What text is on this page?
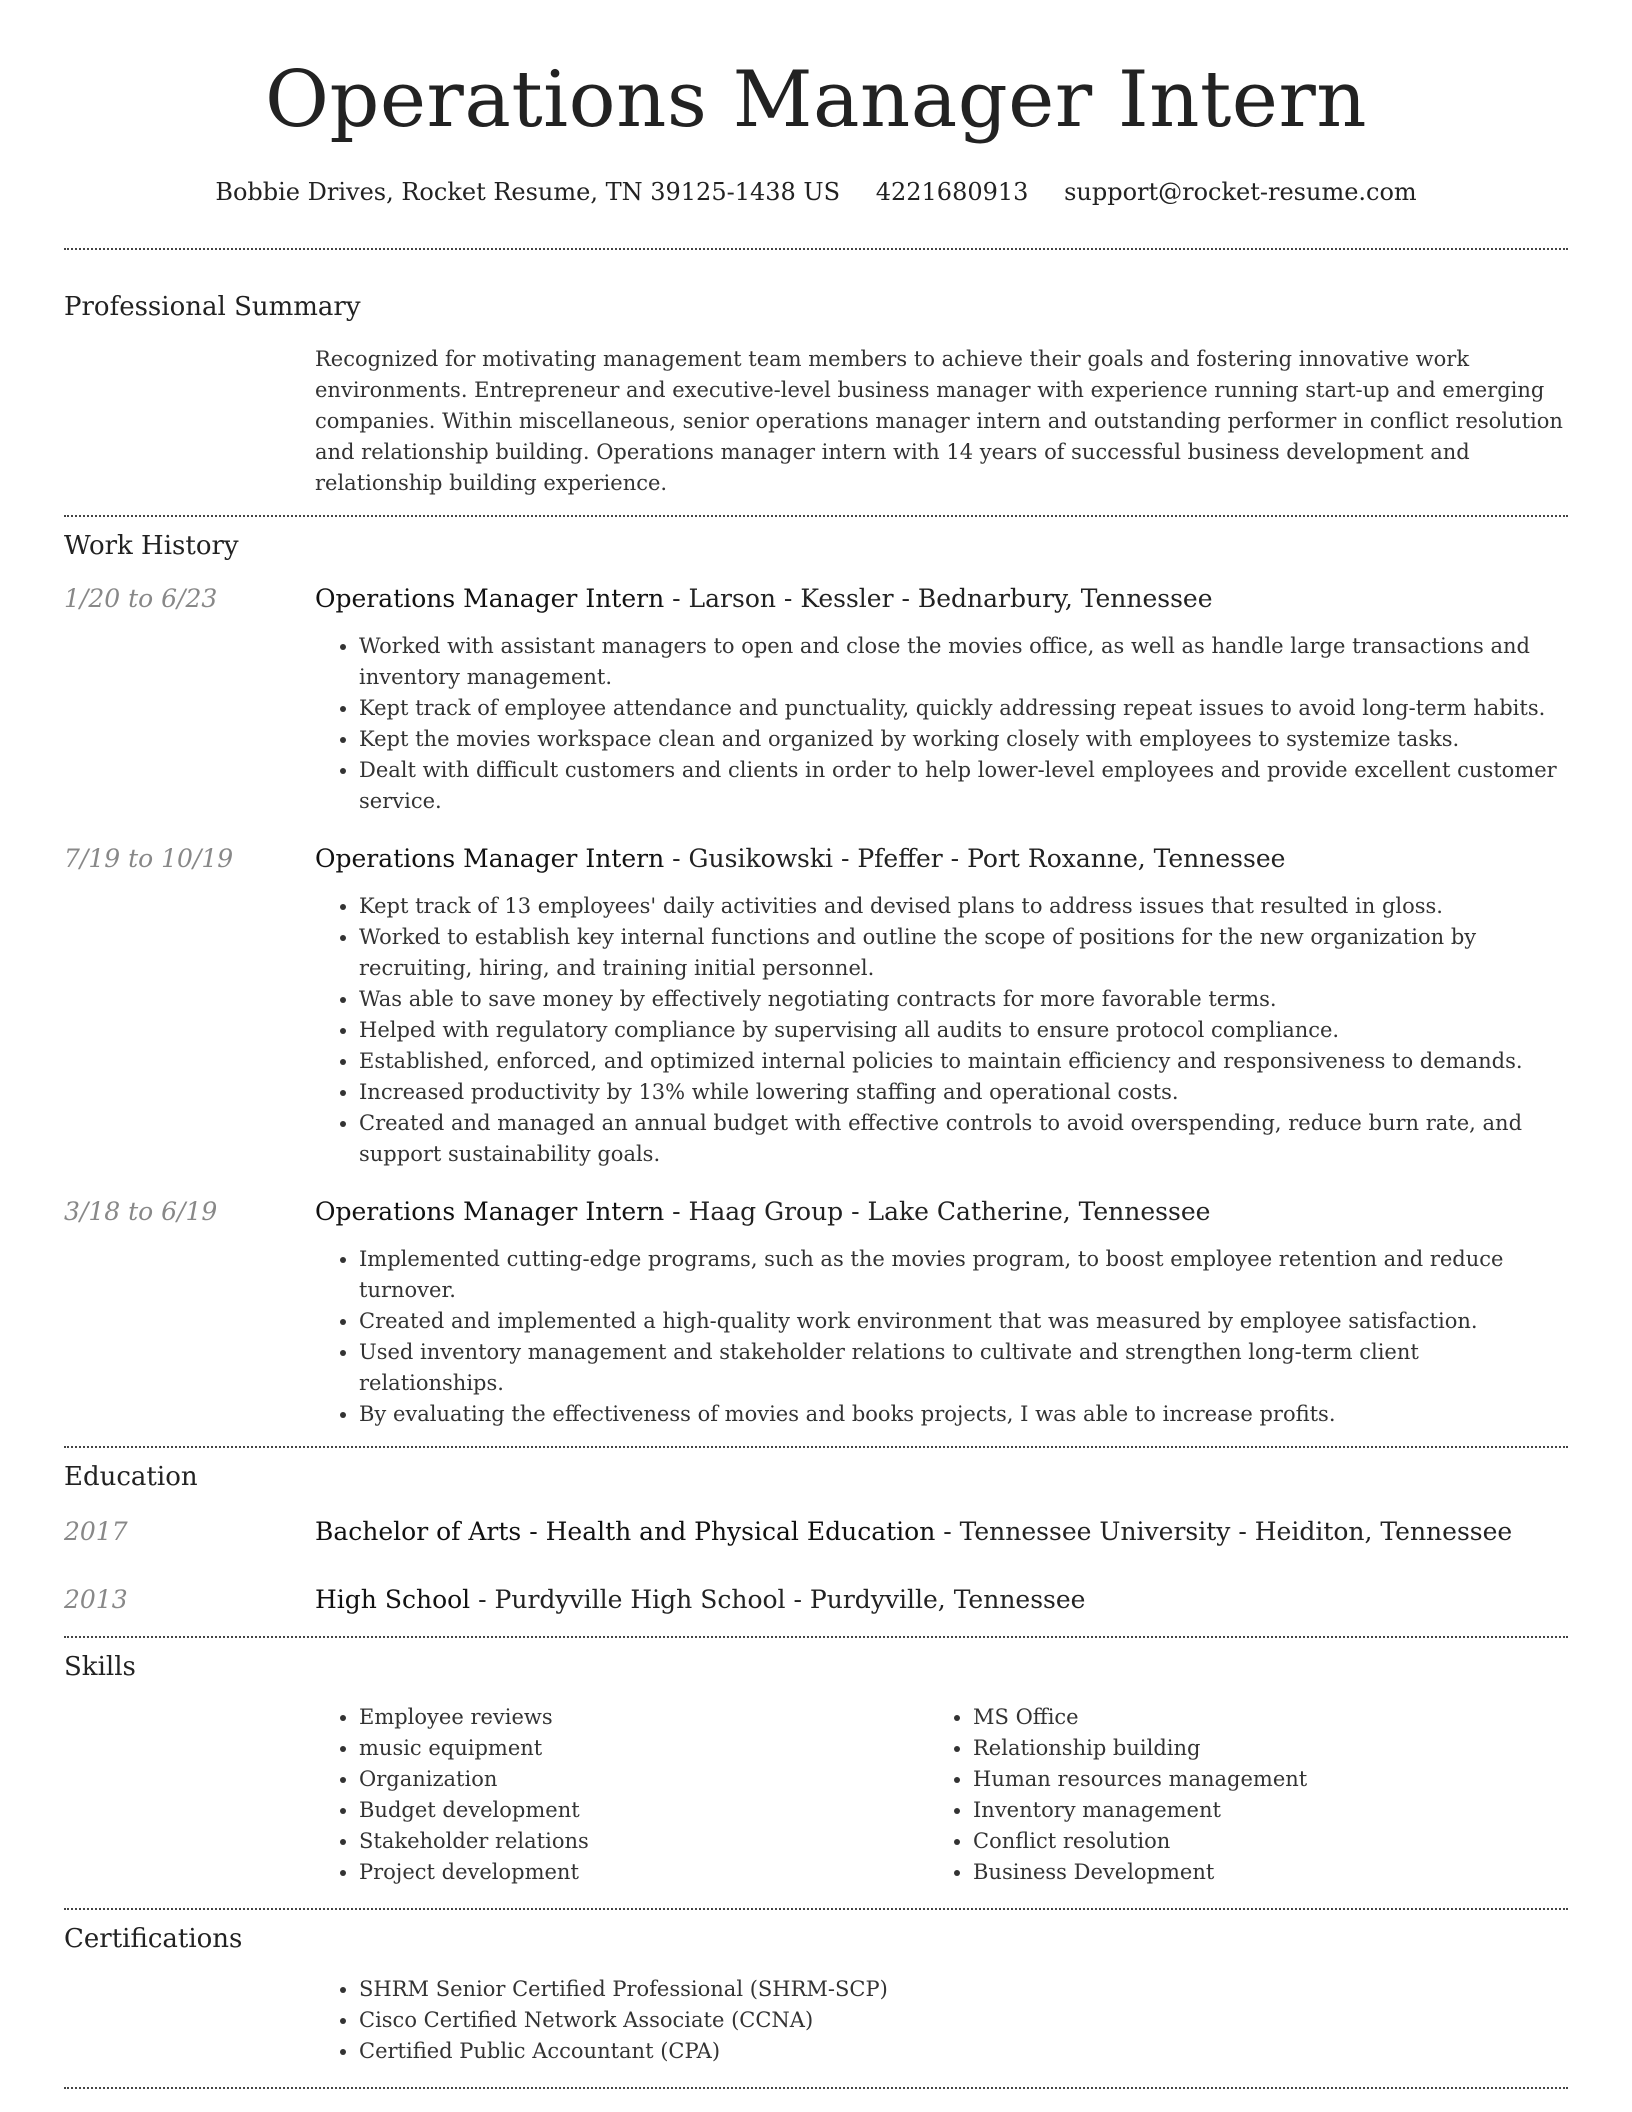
Operations Manager Intern
Bobbie Drives, Rocket Resume, TN 39125-1438 US 4221680913 support@rocket-resume.com
Professional Summary
Recognized for motivating management team members to achieve their goals and fostering innovative work environments. Entrepreneur and executive-level business manager with experience running start-up and emerging companies. Within miscellaneous, senior operations manager intern and outstanding performer in conflict resolution and relationship building. Operations manager intern with 14 years of successful business development and relationship building experience.
Work History
1/20 to 6/23	Operations Manager Intern - Larson - Kessler - Bednarbury, Tennessee
• Worked with assistant managers to open and close the movies office, as well as handle large transactions and inventory management.
• Kept track of employee attendance and punctuality, quickly addressing repeat issues to avoid long-term habits.
• Kept the movies workspace clean and organized by working closely with employees to systemize tasks.
• Dealt with difficult customers and clients in order to help lower-level employees and provide excellent customer service.
7/19 to 10/19	Operations Manager Intern - Gusikowski - Pfeffer - Port Roxanne, Tennessee
• Kept track of 13 employees' daily activities and devised plans to address issues that resulted in gloss.
• Worked to establish key internal functions and outline the scope of positions for the new organization by recruiting, hiring, and training initial personnel.
• Was able to save money by effectively negotiating contracts for more favorable terms.
• Helped with regulatory compliance by supervising all audits to ensure protocol compliance.
• Established, enforced, and optimized internal policies to maintain efficiency and responsiveness to demands.
• Increased productivity by 13% while lowering staffing and operational costs.
• Created and managed an annual budget with effective controls to avoid overspending, reduce burn rate, and support sustainability goals.
3/18 to 6/19	Operations Manager Intern - Haag Group - Lake Catherine, Tennessee
• Implemented cutting-edge programs, such as the movies program, to boost employee retention and reduce turnover.
• Created and implemented a high-quality work environment that was measured by employee satisfaction.
• Used inventory management and stakeholder relations to cultivate and strengthen long-term client relationships.
• By evaluating the effectiveness of movies and books projects, I was able to increase profits.
Education
2017	Bachelor of Arts - Health and Physical Education - Tennessee University - Heiditon, Tennessee
2013	High School - Purdyville High School - Purdyville, Tennessee
Skills
• Employee reviews
• music equipment
• Organization
• Budget development
• Stakeholder relations
• Project development
• MS Office
• Relationship building
• Human resources management
• Inventory management
• Conflict resolution
• Business Development
Certifications
• SHRM Senior Certified Professional (SHRM-SCP)
• Cisco Certified Network Associate (CCNA)
• Certified Public Accountant (CPA)
